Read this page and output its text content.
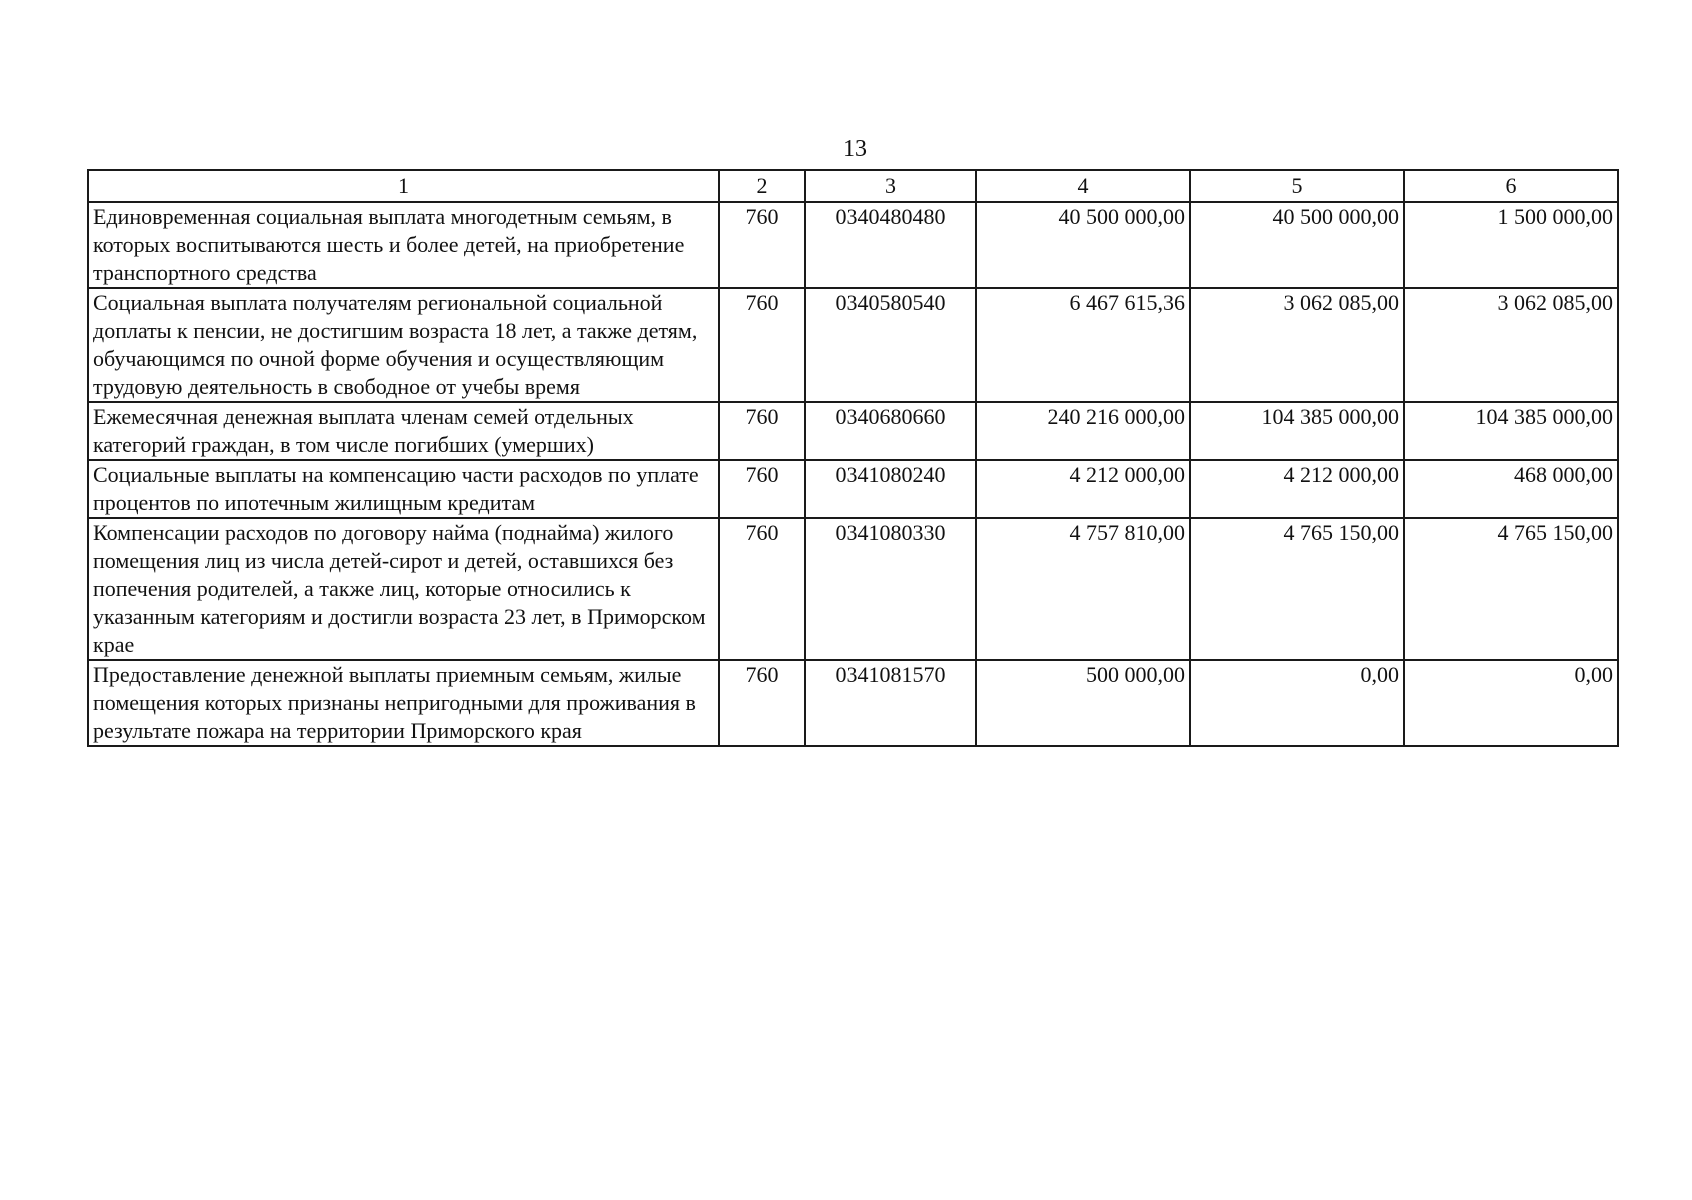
13
1	2	3	4	5	6
Единовременная социальная выплата многодетным семьям, в которых воспитываются шесть и более детей, на приобретение транспортного средства	760	0340480480	40 500 000,00	40 500 000,00	1 500 000,00
Социальная выплата получателям региональной социальной доплаты к пенсии, не достигшим возраста 18 лет, а также детям, обучающимся по очной форме обучения и осуществляющим трудовую деятельность в свободное от учебы время	760	0340580540	6 467 615,36	3 062 085,00	3 062 085,00
Ежемесячная денежная выплата членам семей отдельных категорий граждан, в том числе погибших (умерших)	760	0340680660	240 216 000,00	104 385 000,00	104 385 000,00
Социальные выплаты на компенсацию части расходов по уплате процентов по ипотечным жилищным кредитам	760	0341080240	4 212 000,00	4 212 000,00	468 000,00
Компенсации расходов по договору найма (поднайма) жилого помещения лиц из числа детей-сирот и детей, оставшихся без попечения родителей, а также лиц, которые относились к указанным категориям и достигли возраста 23 лет, в Приморском крае	760	0341080330	4 757 810,00	4 765 150,00	4 765 150,00
Предоставление денежной выплаты приемным семьям, жилые помещения которых признаны непригодными для проживания в результате пожара на территории Приморского края	760	0341081570	500 000,00	0,00	0,00
